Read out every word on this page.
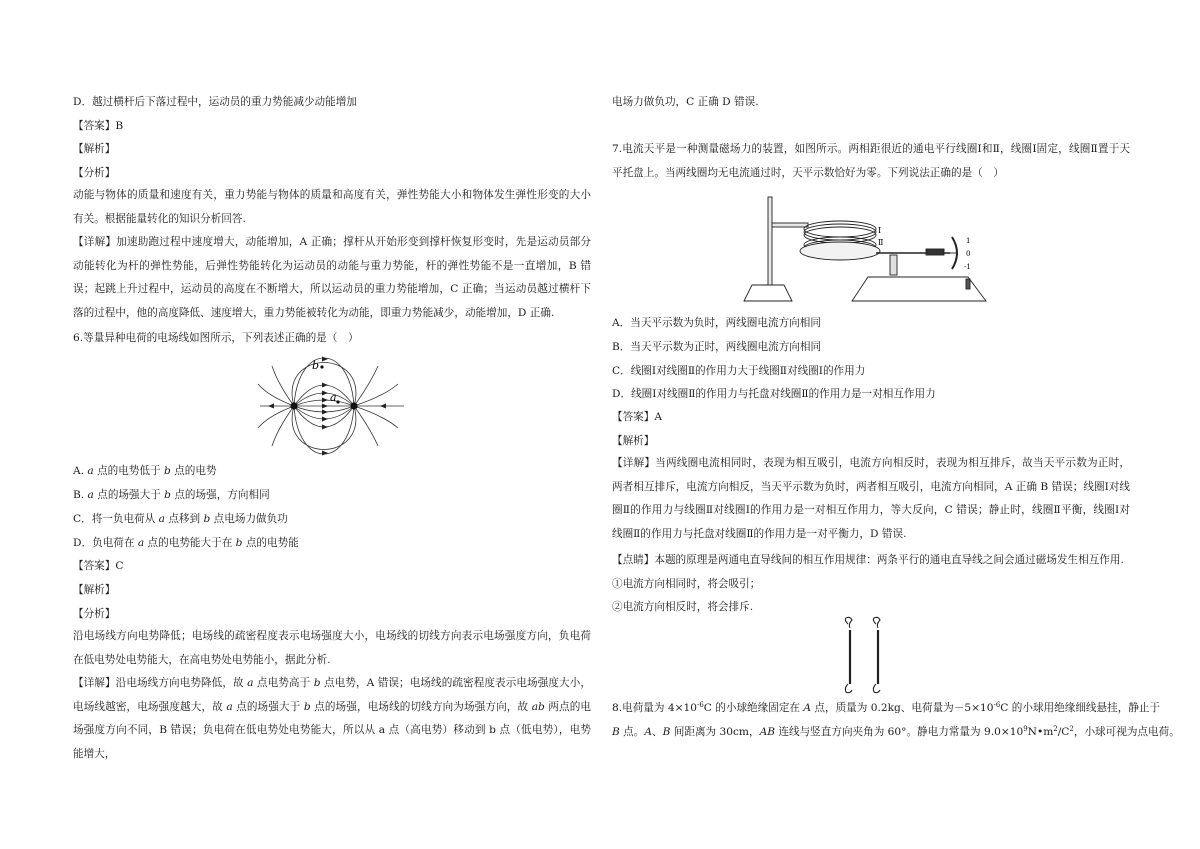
D．越过横杆后下落过程中，运动员的重力势能减少动能增加
【答案】B
【解析】
【分析】
动能与物体的质量和速度有关，重力势能与物体的质量和高度有关，弹性势能大小和物体发生弹性形变的大小有关。根据能量转化的知识分析回答.
【详解】加速助跑过程中速度增大，动能增加，A 正确；撑杆从开始形变到撑杆恢复形变时，先是运动员部分动能转化为杆的弹性势能，后弹性势能转化为运动员的动能与重力势能，杆的弹性势能不是一直增加，B 错误；起跳上升过程中，运动员的高度在不断增大，所以运动员的重力势能增加，C 正确；当运动员越过横杆下落的过程中，他的高度降低、速度增大，重力势能被转化为动能，即重力势能减少，动能增加，D 正确.
6.等量异种电荷的电场线如图所示，下列表述正确的是（　）
b
a
A. a 点的电势低于 b 点的电势
B. a 点的场强大于 b 点的场强，方向相同
C．将一负电荷从 a 点移到 b 点电场力做负功
D．负电荷在 a 点的电势能大于在 b 点的电势能
【答案】C
【解析】
【分析】
沿电场线方向电势降低；电场线的疏密程度表示电场强度大小，电场线的切线方向表示电场强度方向，负电荷在低电势处电势能大，在高电势处电势能小，据此分析.
【详解】沿电场线方向电势降低，故 a 点电势高于 b 点电势，A 错误；电场线的疏密程度表示电场强度大小，电场线越密，电场强度越大，故 a 点的场强大于 b 点的场强，电场线的切线方向为场强方向，故 ab 两点的电场强度方向不同，B 错误；负电荷在低电势处电势能大，所以从 a 点（高电势）移动到 b 点（低电势），电势能增大，
电场力做负功，C 正确 D 错误.
7.电流天平是一种测量磁场力的装置，如图所示。两相距很近的通电平行线圈Ⅰ和Ⅱ，线圈Ⅰ固定，线圈Ⅱ置于天平托盘上。当两线圈均无电流通过时，天平示数恰好为零。下列说法正确的是（　）
Ⅰ
Ⅱ	1
0
-1
A．当天平示数为负时，两线圈电流方向相同
B．当天平示数为正时，两线圈电流方向相同
C．线圈Ⅰ对线圈Ⅱ的作用力大于线圈Ⅱ对线圈Ⅰ的作用力
D．线圈Ⅰ对线圈Ⅱ的作用力与托盘对线圈Ⅱ的作用力是一对相互作用力
【答案】A
【解析】
【详解】当两线圈电流相同时，表现为相互吸引，电流方向相反时，表现为相互排斥，故当天平示数为正时，两者相互排斥，电流方向相反，当天平示数为负时，两者相互吸引，电流方向相同，A 正确 B 错误；线圈Ⅰ对线圈Ⅱ的作用力与线圈Ⅱ对线圈Ⅰ的作用力是一对相互作用力，等大反向，C 错误；静止时，线圈Ⅱ平衡，线圈Ⅰ对线圈Ⅱ的作用力与托盘对线圈Ⅱ的作用力是一对平衡力，D 错误.
【点睛】本题的原理是两通电直导线间的相互作用规律：两条平行的通电直导线之间会通过磁场发生相互作用.
①电流方向相同时，将会吸引；
②电流方向相反时，将会排斥.
8.电荷量为 $4\times 10^{-6}C$ 的小球绝缘固定在 A 点，质量为 0.2kg、电荷量为$-5\times 10^{-6}C$ 的小球用绝缘细线悬挂，静止于
B 点。A、B 间距离为 30cm，AB 连线与竖直方向夹角为 60°。静电力常量为 $9.0\times 10^9N•m^2/C^2$，小球可视为点电荷。
